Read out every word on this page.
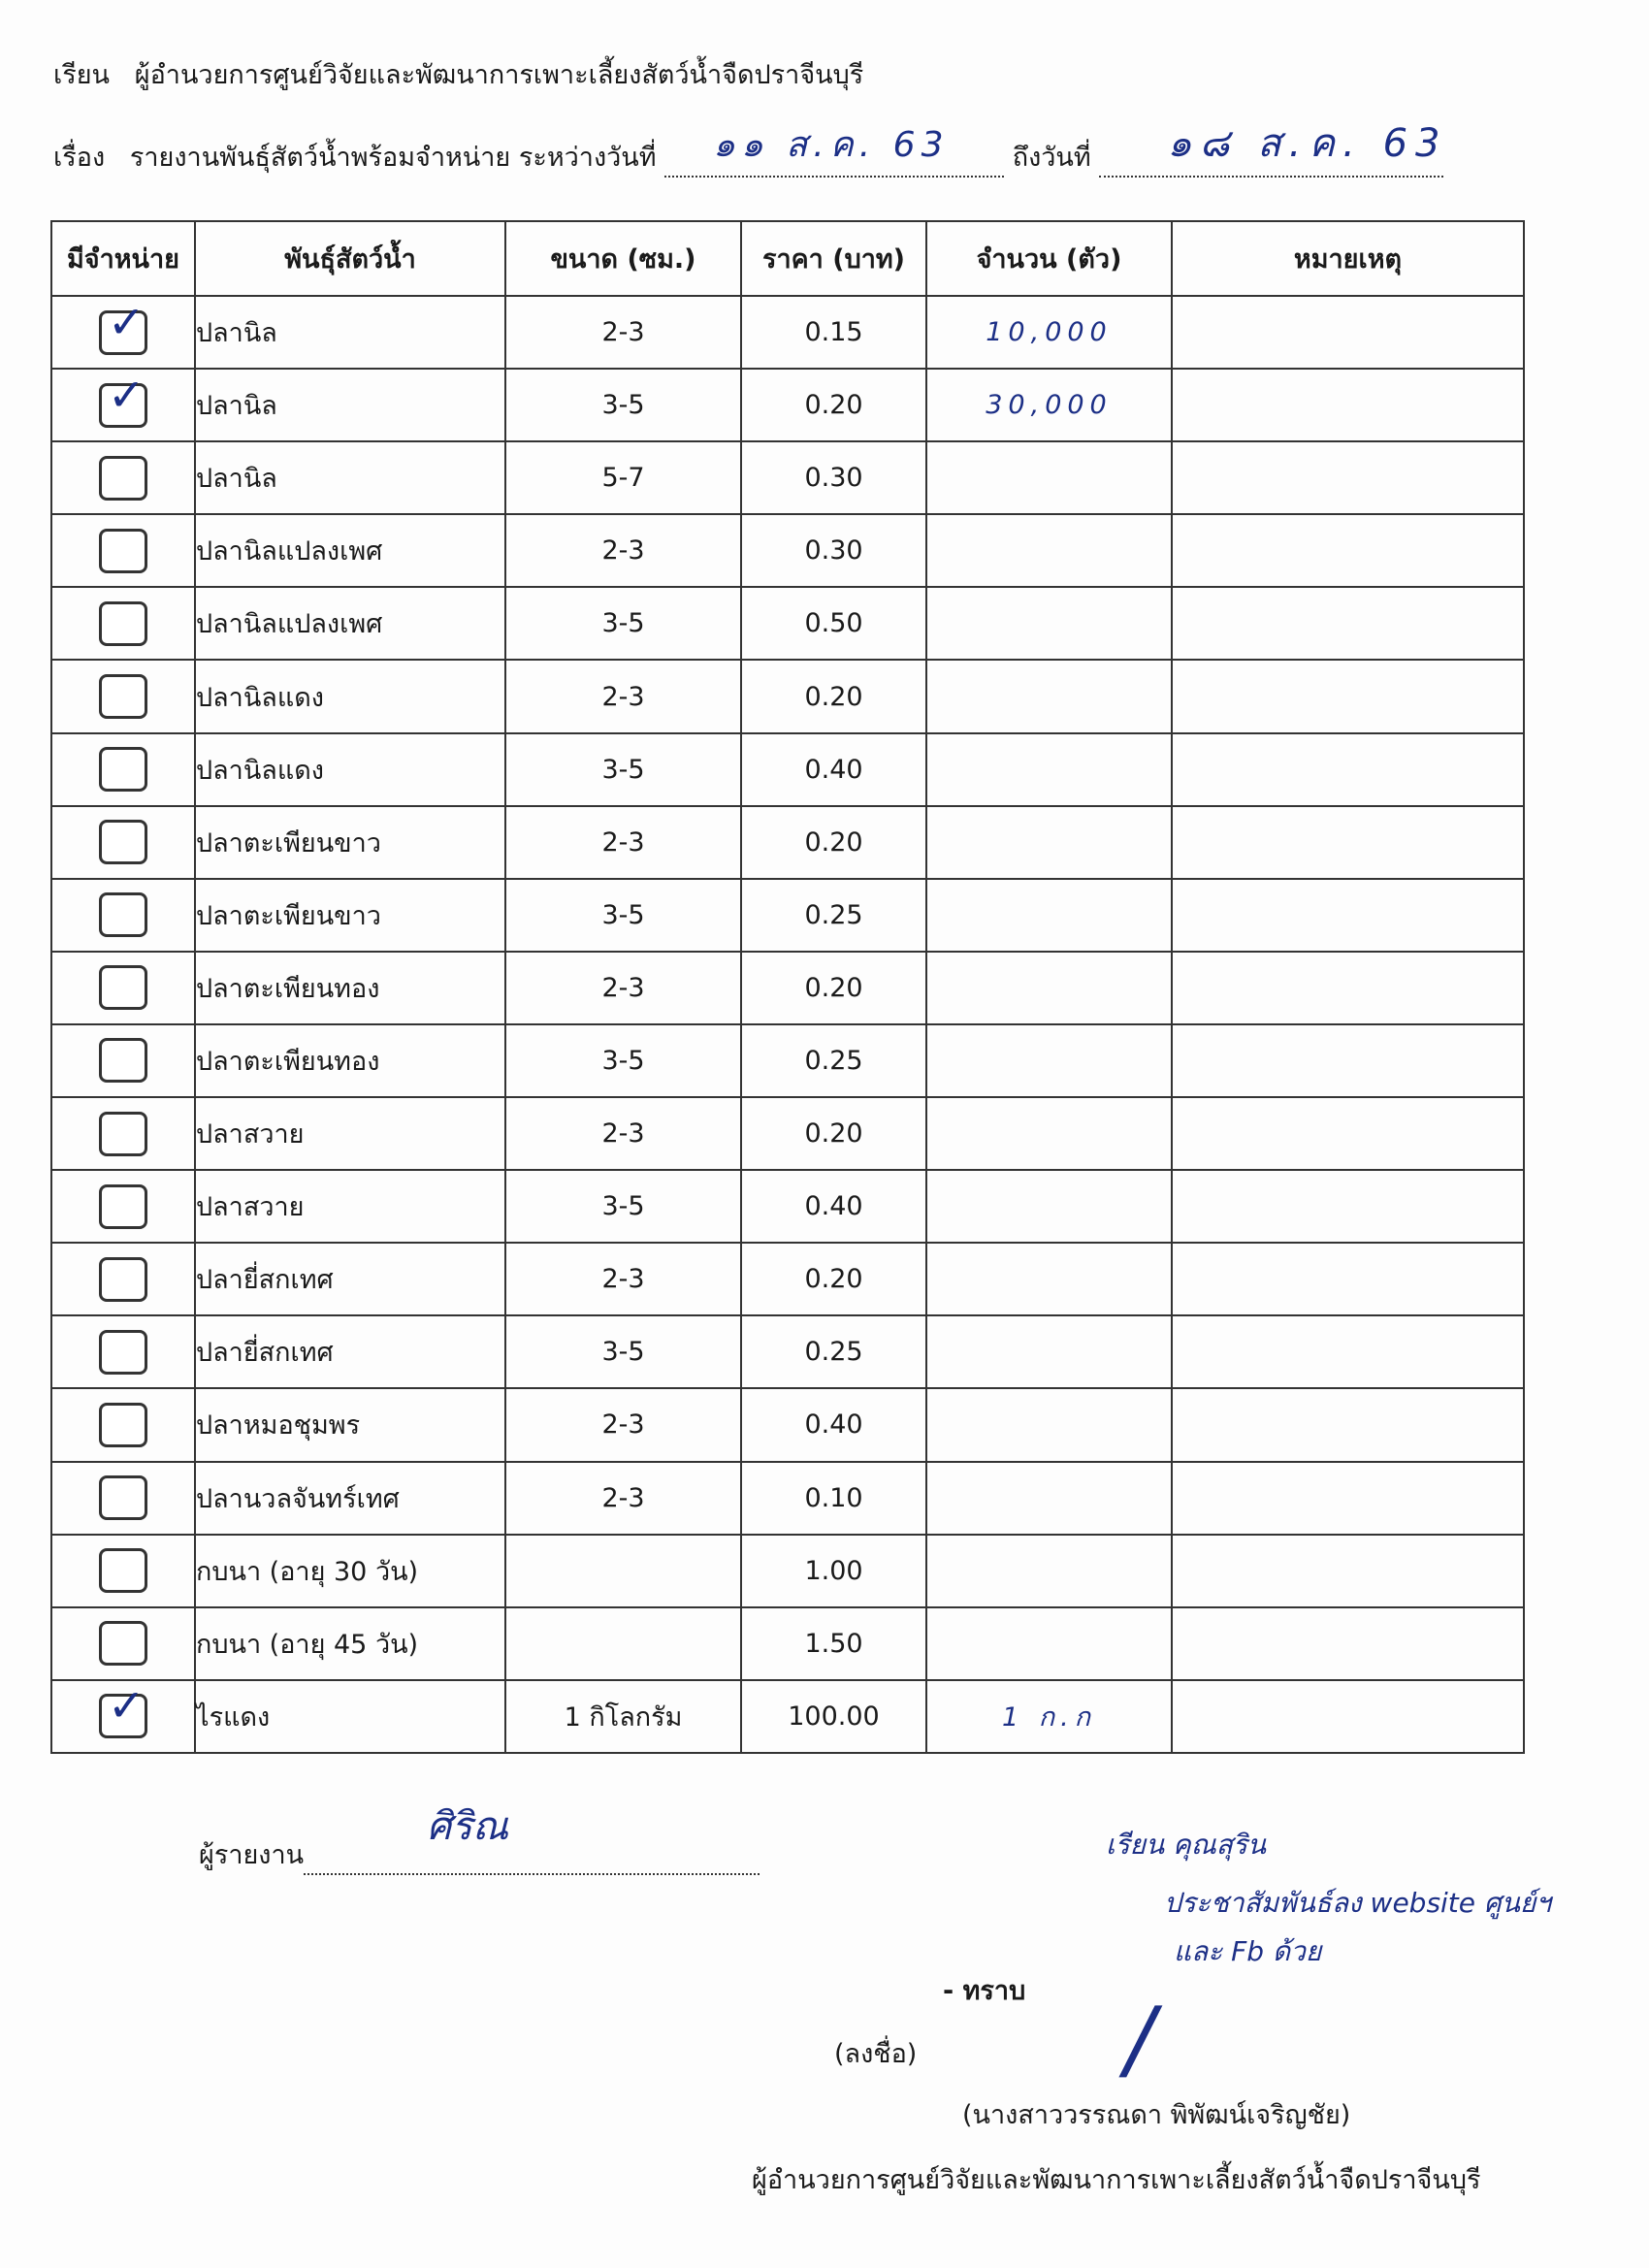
เรียน ผู้อำนวยการศูนย์วิจัยและพัฒนาการเพาะเลี้ยงสัตว์น้ำจืดปราจีนบุรี
เรื่อง รายงานพันธุ์สัตว์น้ำพร้อมจำหน่าย ระหว่างวันที่ ๑๑ ส.ค. 63 ถึงวันที่ ๑๘ ส.ค. 63
มีจำหน่าย	พันธุ์สัตว์น้ำ	ขนาด (ซม.)	ราคา (บาท)	จำนวน (ตัว)	หมายเหตุ

✓	ปลานิล	2-3	0.15	10,000	

✓	ปลานิล	3-5	0.20	30,000	

	ปลานิล	5-7	0.30		

	ปลานิลแปลงเพศ	2-3	0.30		

	ปลานิลแปลงเพศ	3-5	0.50		

	ปลานิลแดง	2-3	0.20		

	ปลานิลแดง	3-5	0.40		

	ปลาตะเพียนขาว	2-3	0.20		

	ปลาตะเพียนขาว	3-5	0.25		

	ปลาตะเพียนทอง	2-3	0.20		

	ปลาตะเพียนทอง	3-5	0.25		

	ปลาสวาย	2-3	0.20		

	ปลาสวาย	3-5	0.40		

	ปลายี่สกเทศ	2-3	0.20		

	ปลายี่สกเทศ	3-5	0.25		

	ปลาหมอชุมพร	2-3	0.40		

	ปลานวลจันทร์เทศ	2-3	0.10		

	กบนา (อายุ 30 วัน)		1.00		

	กบนา (อายุ 45 วัน)		1.50		

✓	ไรแดง	1 กิโลกรัม	100.00	1 ก.ก	
ศิริณ
ผู้รายงาน	เรียน คุณสุริน
ประชาสัมพันธ์ลง website ศูนย์ฯ
และ Fb ด้วย
- ทราบ
(ลงชื่อ) ∕
(นางสาววรรณดา พิพัฒน์เจริญชัย)
ผู้อำนวยการศูนย์วิจัยและพัฒนาการเพาะเลี้ยงสัตว์น้ำจืดปราจีนบุรี
